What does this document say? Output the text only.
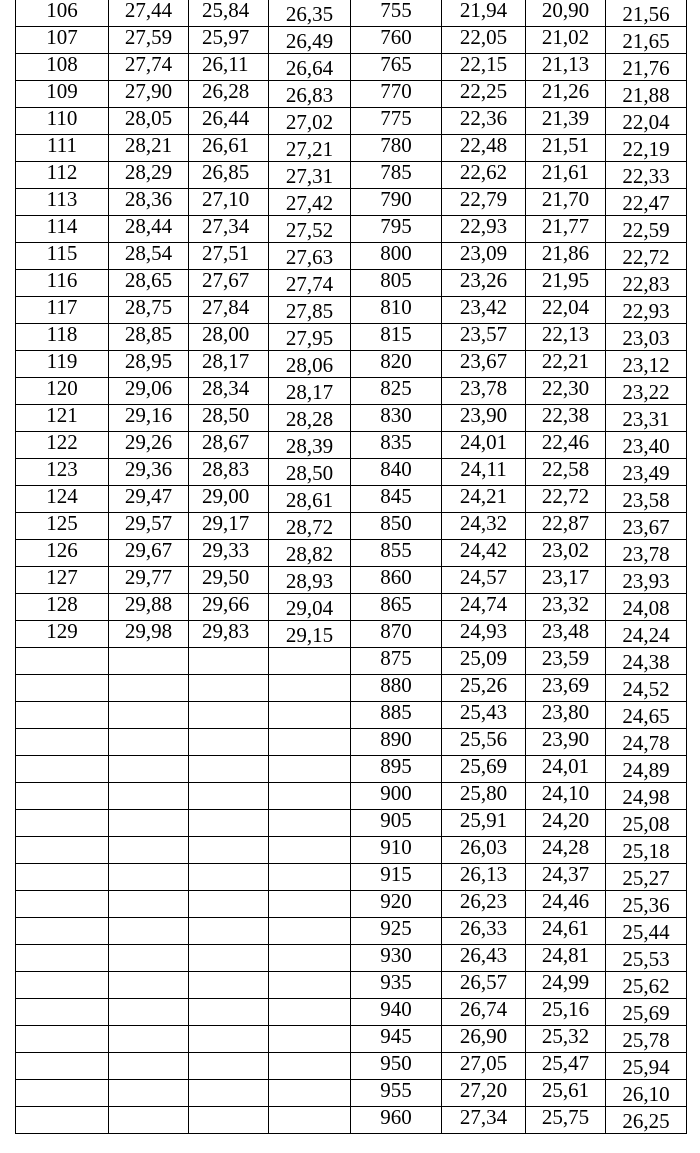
106	27,44	25,84	26,35	755	21,94	20,90	21,56
107	27,59	25,97	26,49	760	22,05	21,02	21,65
108	27,74	26,11	26,64	765	22,15	21,13	21,76
109	27,90	26,28	26,83	770	22,25	21,26	21,88
110	28,05	26,44	27,02	775	22,36	21,39	22,04
111	28,21	26,61	27,21	780	22,48	21,51	22,19
112	28,29	26,85	27,31	785	22,62	21,61	22,33
113	28,36	27,10	27,42	790	22,79	21,70	22,47
114	28,44	27,34	27,52	795	22,93	21,77	22,59
115	28,54	27,51	27,63	800	23,09	21,86	22,72
116	28,65	27,67	27,74	805	23,26	21,95	22,83
117	28,75	27,84	27,85	810	23,42	22,04	22,93
118	28,85	28,00	27,95	815	23,57	22,13	23,03
119	28,95	28,17	28,06	820	23,67	22,21	23,12
120	29,06	28,34	28,17	825	23,78	22,30	23,22
121	29,16	28,50	28,28	830	23,90	22,38	23,31
122	29,26	28,67	28,39	835	24,01	22,46	23,40
123	29,36	28,83	28,50	840	24,11	22,58	23,49
124	29,47	29,00	28,61	845	24,21	22,72	23,58
125	29,57	29,17	28,72	850	24,32	22,87	23,67
126	29,67	29,33	28,82	855	24,42	23,02	23,78
127	29,77	29,50	28,93	860	24,57	23,17	23,93
128	29,88	29,66	29,04	865	24,74	23,32	24,08
129	29,98	29,83	29,15	870	24,93	23,48	24,24
				875	25,09	23,59	24,38
				880	25,26	23,69	24,52
				885	25,43	23,80	24,65
				890	25,56	23,90	24,78
				895	25,69	24,01	24,89
				900	25,80	24,10	24,98
				905	25,91	24,20	25,08
				910	26,03	24,28	25,18
				915	26,13	24,37	25,27
				920	26,23	24,46	25,36
				925	26,33	24,61	25,44
				930	26,43	24,81	25,53
				935	26,57	24,99	25,62
				940	26,74	25,16	25,69
				945	26,90	25,32	25,78
				950	27,05	25,47	25,94
				955	27,20	25,61	26,10
				960	27,34	25,75	26,25
